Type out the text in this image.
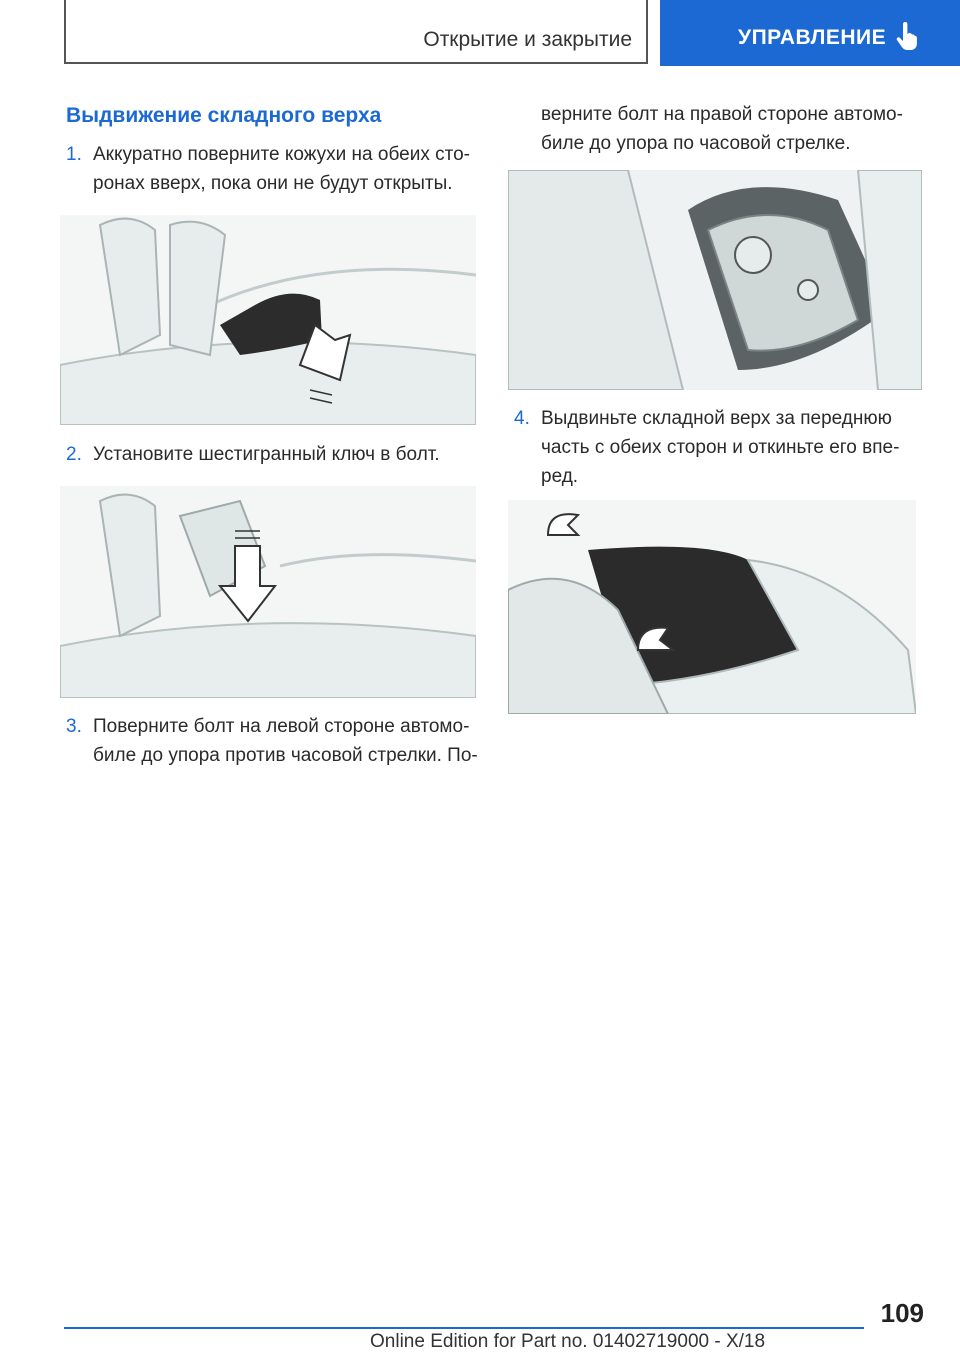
Открытие и закрытие	УПРАВЛЕНИЕ
Выдвижение складного верха
1. Аккуратно поверните кожухи на обеих сто-ронах вверх, пока они не будут открыты.
2. Установите шестигранный ключ в болт.
3. Поверните болт на левой стороне автомо-биле до упора против часовой стрелки. По-
верните болт на правой стороне автомо-биле до упора по часовой стрелке.
4. Выдвиньте складной верх за переднюю часть с обеих сторон и откиньте его впе-ред.
109
Online Edition for Part no. 01402719000 - X/18
